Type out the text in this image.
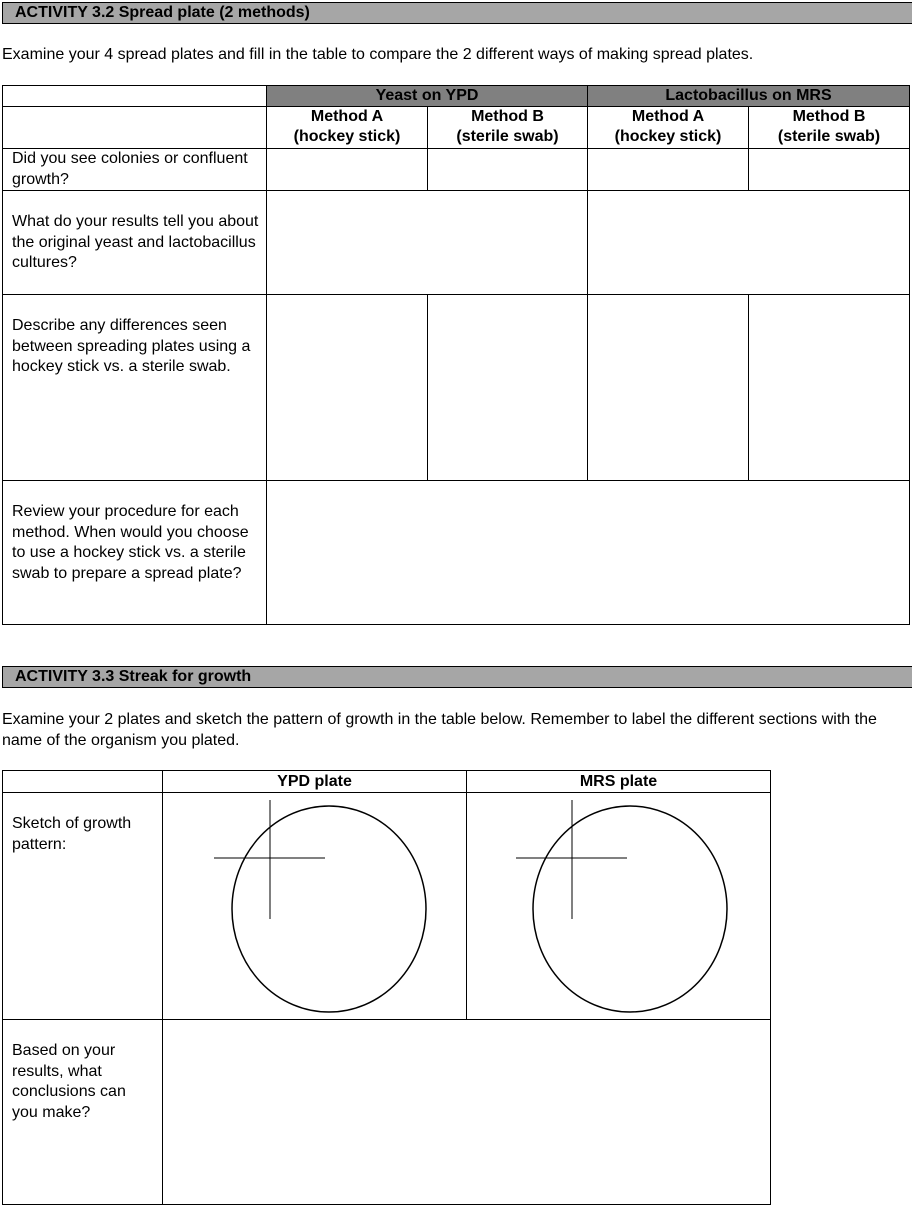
ACTIVITY 3.2 Spread plate (2 methods)
Examine your 4 spread plates and fill in the table to compare the 2 different ways of making spread plates.
Yeast on YPD	Lactobacillus on MRS
Method A
(hockey stick)
Method B
(sterile swab)
Method A
(hockey stick)
Method B
(sterile swab)
Did you see colonies or confluent growth?
What do your results tell you about the original yeast and lactobacillus cultures?
Describe any differences seen between spreading plates using a hockey stick vs. a sterile swab.
Review your procedure for each method. When would you choose to use a hockey stick vs. a sterile swab to prepare a spread plate?
ACTIVITY 3.3 Streak for growth
Examine your 2 plates and sketch the pattern of growth in the table below. Remember to label the different sections with the name of the organism you plated.
YPD plate	MRS plate
Sketch of growth pattern:
Based on your results, what conclusions can you make?
